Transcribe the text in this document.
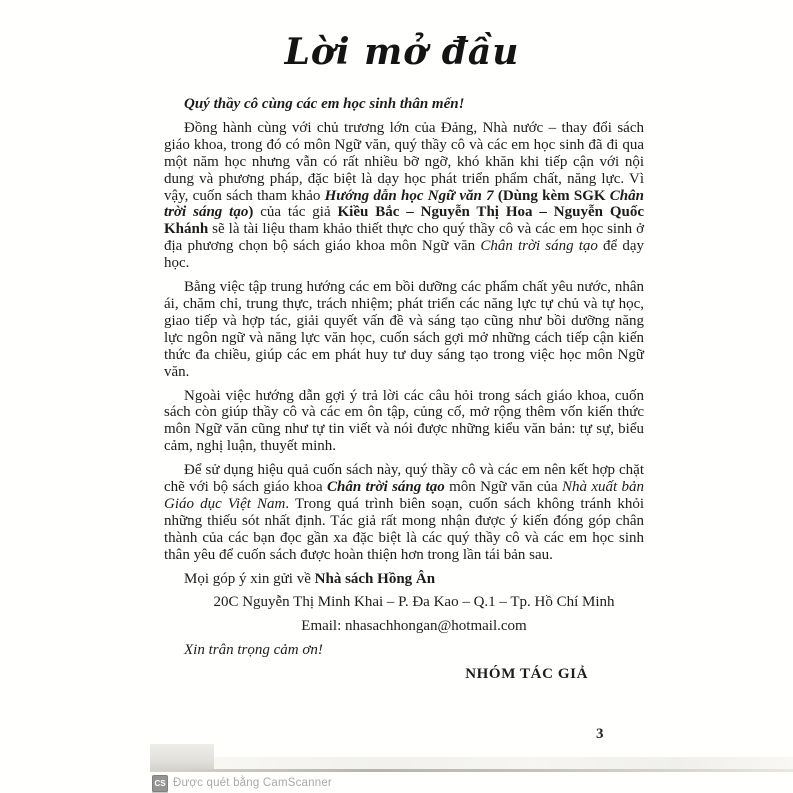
Lời mở đầu

Quý thầy cô cùng các em học sinh thân mến!

Đồng hành cùng với chủ trương lớn của Đảng, Nhà nước – thay đổi sách giáo khoa, trong đó có môn Ngữ văn, quý thầy cô và các em học sinh đã đi qua một năm học nhưng vẫn có rất nhiều bỡ ngỡ, khó khăn khi tiếp cận với nội dung và phương pháp, đặc biệt là dạy học phát triển phẩm chất, năng lực. Vì vậy, cuốn sách tham khảo Hướng dẫn học Ngữ văn 7 (Dùng kèm SGK Chân trời sáng tạo) của tác giả Kiều Bắc – Nguyễn Thị Hoa – Nguyễn Quốc Khánh sẽ là tài liệu tham khảo thiết thực cho quý thầy cô và các em học sinh ở địa phương chọn bộ sách giáo khoa môn Ngữ văn Chân trời sáng tạo để dạy học.

Bằng việc tập trung hướng các em bồi dưỡng các phẩm chất yêu nước, nhân ái, chăm chỉ, trung thực, trách nhiệm; phát triển các năng lực tự chủ và tự học, giao tiếp và hợp tác, giải quyết vấn đề và sáng tạo cũng như bồi dưỡng năng lực ngôn ngữ và năng lực văn học, cuốn sách gợi mở những cách tiếp cận kiến thức đa chiều, giúp các em phát huy tư duy sáng tạo trong việc học môn Ngữ văn.

Ngoài việc hướng dẫn gợi ý trả lời các câu hỏi trong sách giáo khoa, cuốn sách còn giúp thầy cô và các em ôn tập, củng cố, mở rộng thêm vốn kiến thức môn Ngữ văn cũng như tự tin viết và nói được những kiểu văn bản: tự sự, biểu cảm, nghị luận, thuyết minh.

Để sử dụng hiệu quả cuốn sách này, quý thầy cô và các em nên kết hợp chặt chẽ với bộ sách giáo khoa Chân trời sáng tạo môn Ngữ văn của Nhà xuất bản Giáo dục Việt Nam. Trong quá trình biên soạn, cuốn sách không tránh khỏi những thiếu sót nhất định. Tác giả rất mong nhận được ý kiến đóng góp chân thành của các bạn đọc gần xa đặc biệt là các quý thầy cô và các em học sinh thân yêu để cuốn sách được hoàn thiện hơn trong lần tái bản sau.

Mọi góp ý xin gửi về Nhà sách Hồng Ân

20C Nguyễn Thị Minh Khai – P. Đa Kao – Q.1 – Tp. Hồ Chí Minh

Email: nhasachhongan@hotmail.com

Xin trân trọng cảm ơn!

NHÓM TÁC GIẢ

3
CS Được quét bằng CamScanner
